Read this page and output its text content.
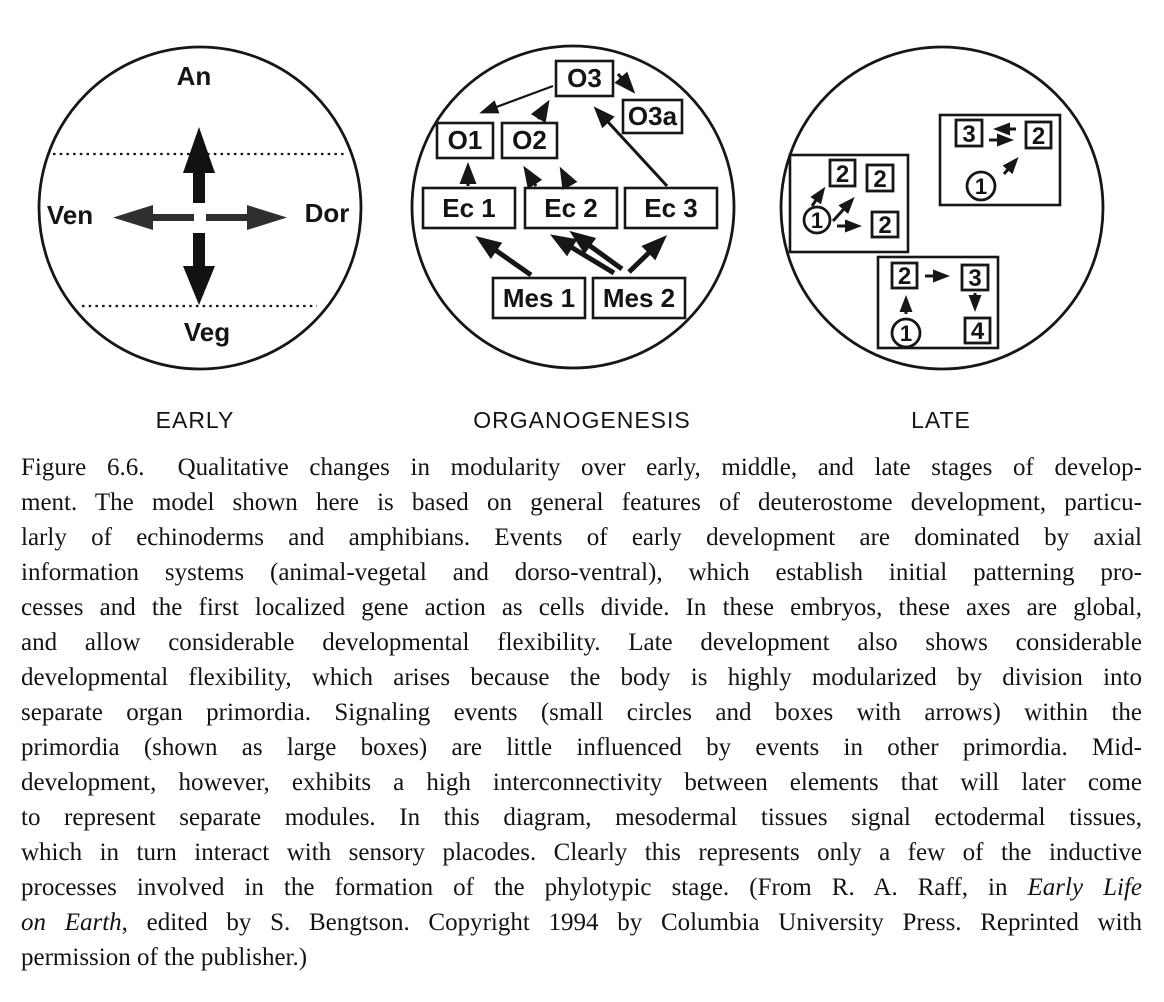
An
Ven	Dor
Veg
O3
O3a
O1 O2
Ec 1 Ec 2 Ec 3
Mes 1 Mes 2
2 2
2
1
3 2
1
2 3
4
1
EARLY	ORGANOGENESIS	LATE
Figure 6.6.  Qualitative changes in modularity over early, middle, and late stages of develop-
ment. The model shown here is based on general features of deuterostome development, particu-
larly of echinoderms and amphibians. Events of early development are dominated by axial
information systems (animal-vegetal and dorso-ventral), which establish initial patterning pro-
cesses and the first localized gene action as cells divide. In these embryos, these axes are global,
and allow considerable developmental flexibility. Late development also shows considerable
developmental flexibility, which arises because the body is highly modularized by division into
separate organ primordia. Signaling events (small circles and boxes with arrows) within the
primordia (shown as large boxes) are little influenced by events in other primordia. Mid-
development, however, exhibits a high interconnectivity between elements that will later come
to represent separate modules. In this diagram, mesodermal tissues signal ectodermal tissues,
which in turn interact with sensory placodes. Clearly this represents only a few of the inductive
processes involved in the formation of the phylotypic stage. (From R. A. Raff, in Early Life
on Earth, edited by S. Bengtson. Copyright 1994 by Columbia University Press. Reprinted with
permission of the publisher.)
